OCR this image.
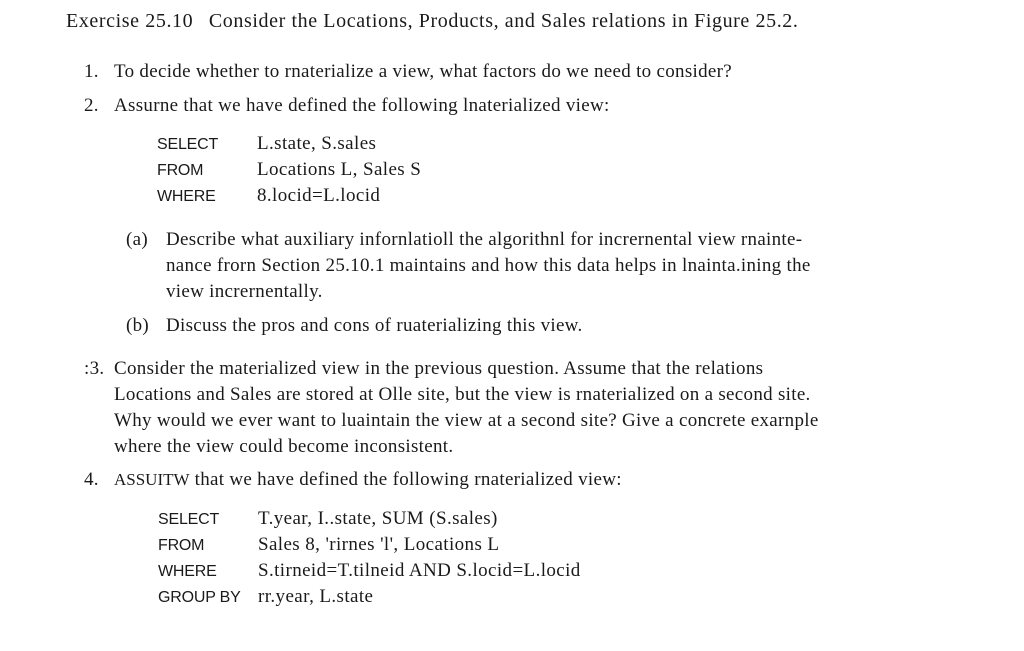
Exercise 25.10 Consider the Locations, Products, and Sales relations in Figure 25.2.
1. To decide whether to rnaterialize a view, what factors do we need to consider?
2. Assurne that we have defined the following lnaterialized view:
SELECT L.state, S.sales
FROM	Locations L, Sales S
WHERE 8.locid=L.locid
(a) Describe what auxiliary infornlatioll the algorithnl for incrernental view rnainte-
nance frorn Section 25.10.1 maintains and how this data helps in lnainta.ining the
view incrernentally.
(b) Discuss the pros and cons of ruaterializing this view.
:3. Consider the materialized view in the previous question. Assume that the relations
Locations and Sales are stored at Olle site, but the view is rnaterialized on a second site.
Why would we ever want to luaintain the view at a second site? Give a concrete exarnple
where the view could become inconsistent.
4. ASSUITW that we have defined the following rnaterialized view:
SELECT T.year, I..state, SUM (S.sales)
FROM	Sales 8, 'rirnes 'l', Locations L
WHERE S.tirneid=T.tilneid AND S.locid=L.locid
GROUP BY rr.year, L.state
